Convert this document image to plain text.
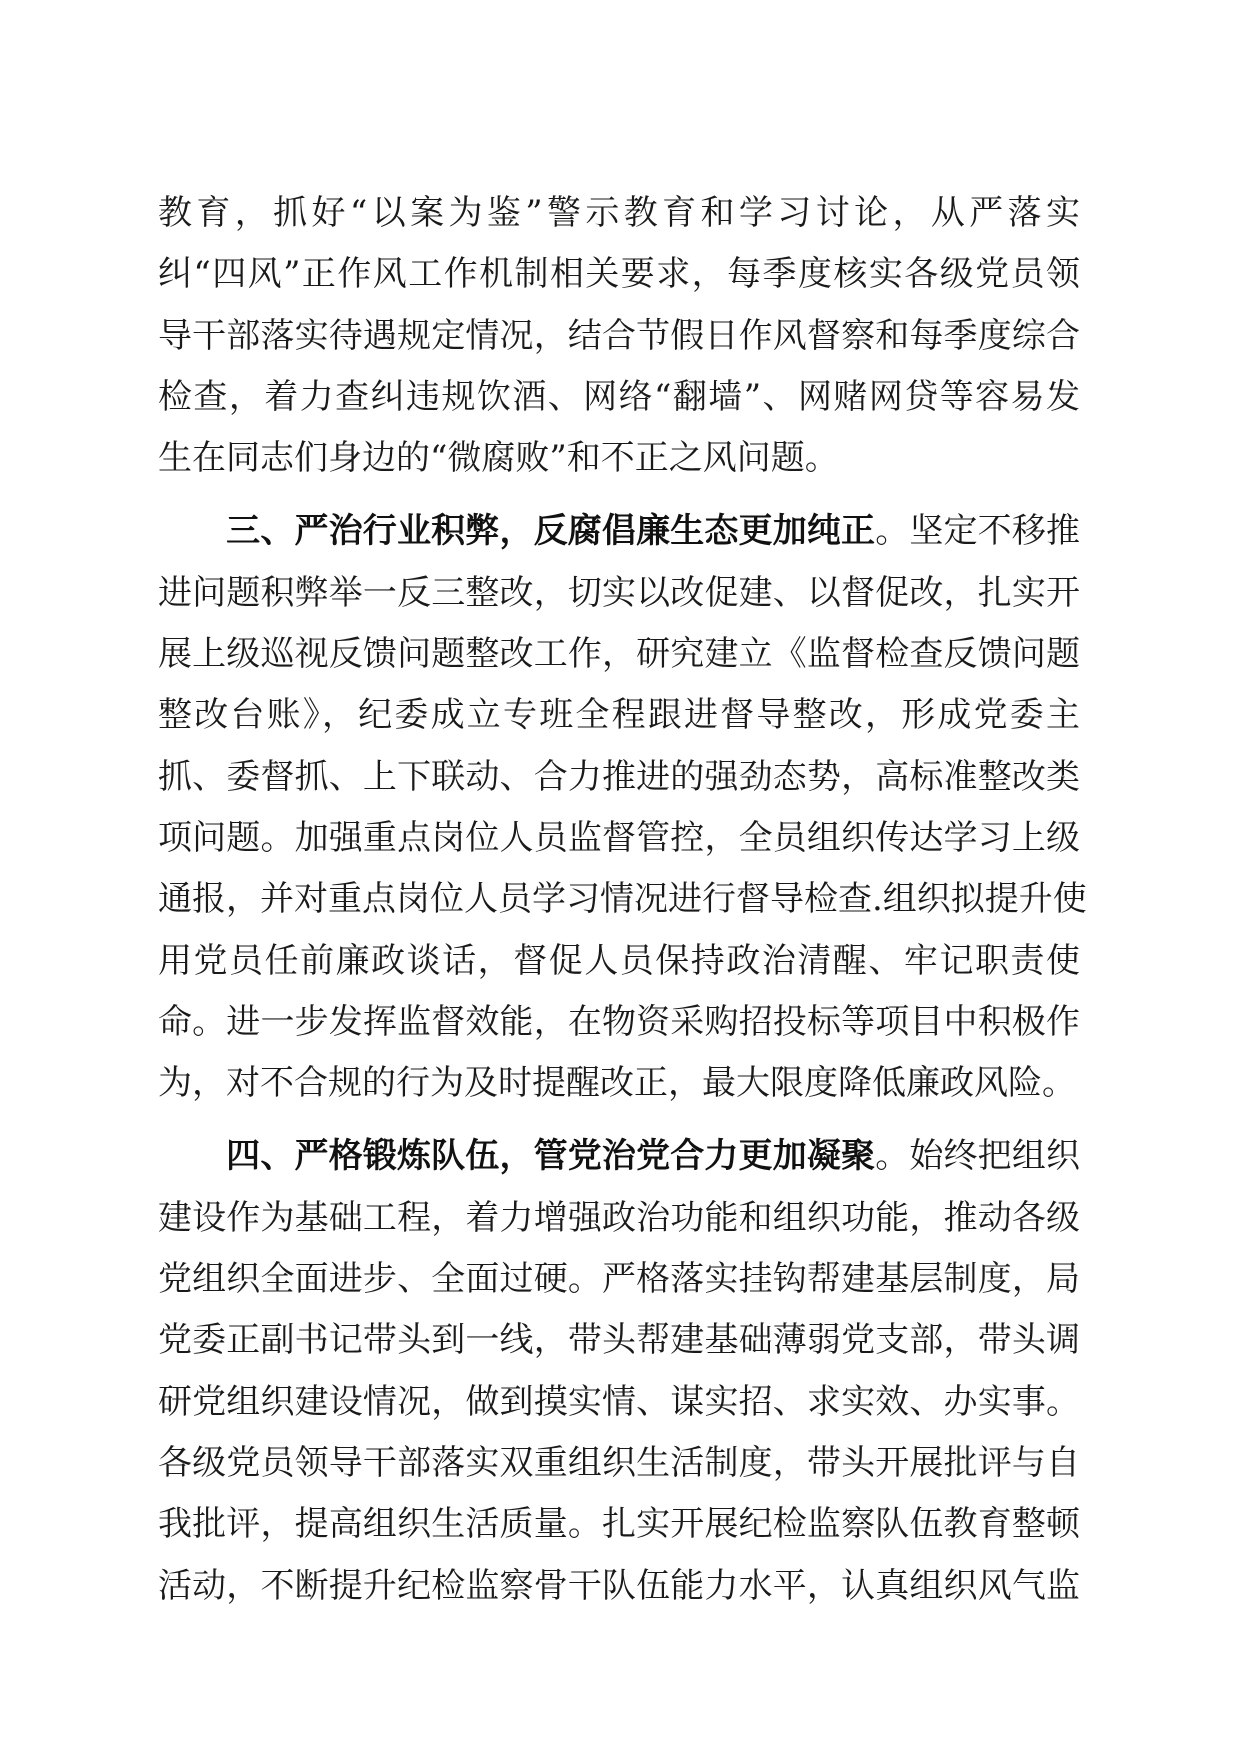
教育，抓好“以案为鉴”警示教育和学习讨论，从严落实
纠“四风”正作风工作机制相关要求，每季度核实各级党员领
导干部落实待遇规定情况，结合节假日作风督察和每季度综合
检查，着力查纠违规饮酒、网络“翻墙”、网赌网贷等容易发
生在同志们身边的“微腐败”和不正之风问题。
三、严治行业积弊，反腐倡廉生态更加纯正。坚定不移推
进问题积弊举一反三整改，切实以改促建、以督促改，扎实开
展上级巡视反馈问题整改工作，研究建立《监督检查反馈问题
整改台账》，纪委成立专班全程跟进督导整改，形成党委主
抓、委督抓、上下联动、合力推进的强劲态势，高标准整改类
项问题。加强重点岗位人员监督管控，全员组织传达学习上级
通报，并对重点岗位人员学习情况进行督导检查.组织拟提升使
用党员任前廉政谈话，督促人员保持政治清醒、牢记职责使
命。进一步发挥监督效能，在物资采购招投标等项目中积极作
为，对不合规的行为及时提醒改正，最大限度降低廉政风险。
四、严格锻炼队伍，管党治党合力更加凝聚。始终把组织
建设作为基础工程，着力增强政治功能和组织功能，推动各级
党组织全面进步、全面过硬。严格落实挂钩帮建基层制度，局
党委正副书记带头到一线，带头帮建基础薄弱党支部，带头调
研党组织建设情况，做到摸实情、谋实招、求实效、办实事。
各级党员领导干部落实双重组织生活制度，带头开展批评与自
我批评，提高组织生活质量。扎实开展纪检监察队伍教育整顿
活动，不断提升纪检监察骨干队伍能力水平，认真组织风气监
